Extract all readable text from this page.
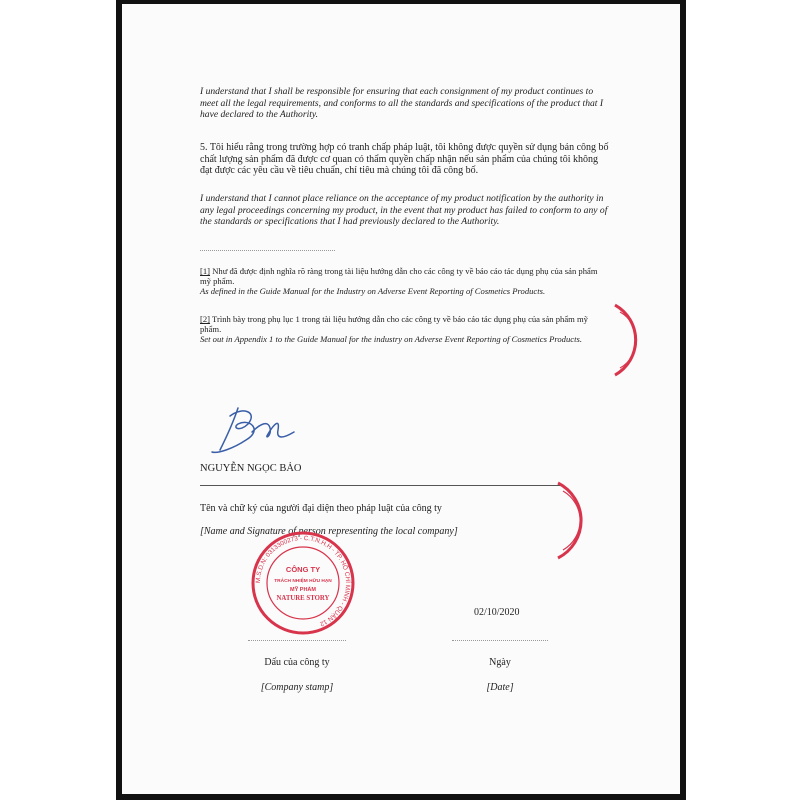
I understand that I shall be responsible for ensuring that each consignment of my product continues to meet all the legal requirements, and conforms to all the standards and specifications of the product that I have declared to the Authority.
5. Tôi hiểu rằng trong trường hợp có tranh chấp pháp luật, tôi không được quyền sử dụng bản công bố chất lượng sản phẩm đã được cơ quan có thẩm quyền chấp nhận nếu sản phẩm của chúng tôi không đạt được các yêu cầu về tiêu chuẩn, chỉ tiêu mà chúng tôi đã công bố.
I understand that I cannot place reliance on the acceptance of my product notification by the authority in any legal proceedings concerning my product, in the event that my product has failed to conform to any of the standards or specifications that I had previously declared to the Authority.
[1] Như đã được định nghĩa rõ ràng trong tài liệu hướng dẫn cho các công ty về báo cáo tác dụng phụ của sản phẩm mỹ phẩm.
As defined in the Guide Manual for the Industry on Adverse Event Reporting of Cosmetics Products.
[2] Trình bày trong phụ lục 1 trong tài liệu hướng dẫn cho các công ty về báo cáo tác dụng phụ của sản phẩm mỹ phẩm.
Set out in Appendix 1 to the Guide Manual for the industry on Adverse Event Reporting of Cosmetics Products.
NGUYỄN NGỌC BẢO
Tên và chữ ký của người đại diện theo pháp luật của công ty
[Name and Signature of person representing the local company]
M.S.D.N: 0313300273 - C.T.N.H.H - TP. HỒ CHÍ MINH - QUẬN 12
CÔNG TY
TRÁCH NHIỆM HỮU HẠN
MỸ PHẨM
NATURE STORY
02/10/2020
Dấu của công ty
[Company stamp]
Ngày
[Date]
